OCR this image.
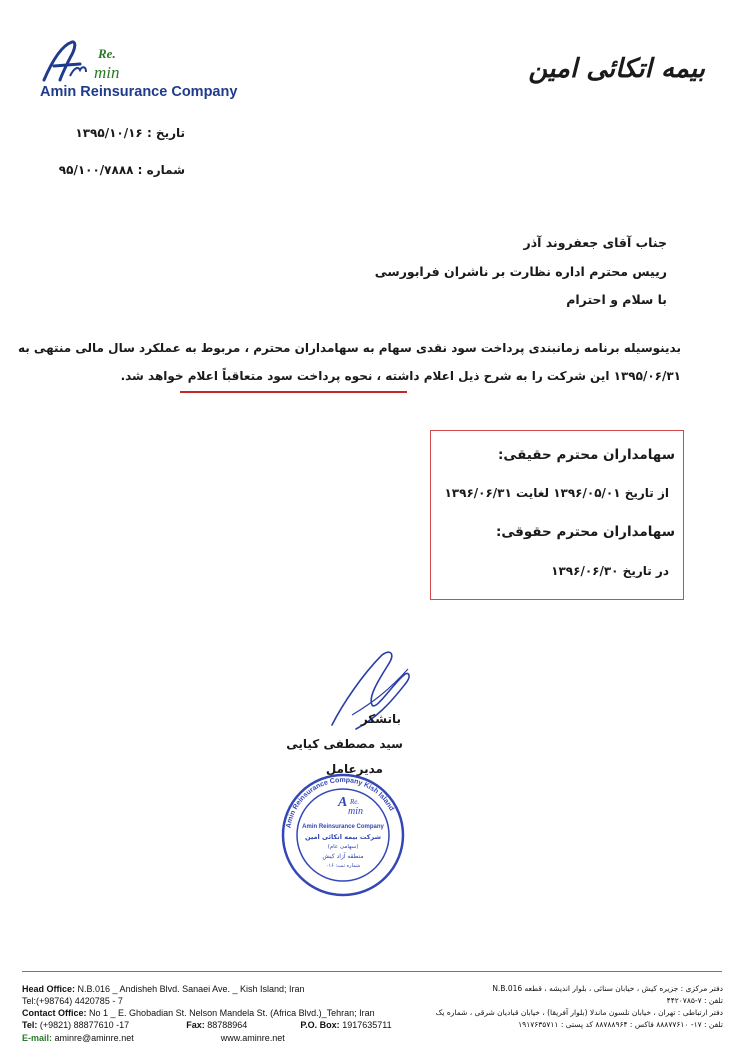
Re.
min
Amin Reinsurance Company
بیمه اتکائی امین
تاریخ : ۱۳۹۵/۱۰/۱۶
شماره : ۹۵/۱۰۰/۷۸۸۸
جناب آقای جعفروند آذر
رییس محترم اداره نظارت بر ناشران فرابورسی
با سلام و احترام
بدینوسیله برنامه زمانبندی پرداخت سود نقدی سهام به سهامداران محترم ، مربوط به عملکرد سال مالی منتهی به
۱۳۹۵/۰۶/۳۱ این شرکت را به شرح ذیل اعلام داشته ، نحوه پرداخت سود متعاقباً اعلام خواهد شد.
سهامداران محترم حقیقی:
از تاریخ ۱۳۹۶/۰۵/۰۱ لغایت ۱۳۹۶/۰۶/۳۱
سهامداران محترم حقوقی:
در تاریخ ۱۳۹۶/۰۶/۳۰
باتشکر
سید مصطفی کیایی
مدیرعامل
Amin Reinsurance Company Kish Island
A Re.
min
Amin Reinsurance Company
شرکت بیمه اتکائی امین
(سهامی عام)
منطقه آزاد کیش
شماره ثبت: ۰۱۶
Head Office: N.B.016 _ Andisheh Blvd. Sanaei Ave. _ Kish Island; Iran
Tel:(+98764) 4420785 - 7
Contact Office: No 1 _ E. Ghobadian St. Nelson Mandela St. (Africa Blvd.)_Tehran; Iran
Tel: (+9821) 88877610 -17	Fax: 88788964	P.O. Box: 1917635711
E-mail: aminre@aminre.net	www.aminre.net
دفتر مرکزی : جزیره کیش ، خیابان سنائی ، بلوار اندیشه ، قطعه N.B.016
تلفن : ۷-۴۴۲۰۷۸۵
دفتر ارتباطی : تهران ، خیابان نلسون ماندلا (بلوار آفریقا) ، خیابان قبادیان شرقی ، شماره یک
تلفن : ۱۷- ۸۸۸۷۷۶۱۰ فاکس : ۸۸۷۸۸۹۶۴ کد پستی : ۱۹۱۷۶۳۵۷۱۱
